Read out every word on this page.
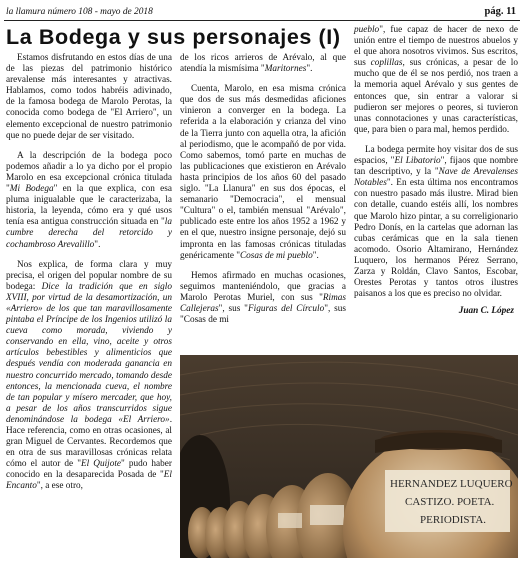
la llamura número 108 - mayo de 2018	pág. 11
La Bodega y sus personajes (I)

Estamos disfrutando en estos días de una de las piezas del patrimonio histórico arevalense más interesantes y atractivas. Hablamos, como todos habréis adivinado, de la famosa bodega de Marolo Perotas, la conocida como bodega de "El Arriero", un elemento excepcional de nuestro patrimonio que no puede dejar de ser visitado.

A la descripción de la bodega poco podemos añadir a lo ya dicho por el propio Marolo en esa excepcional crónica titulada "Mi Bodega" en la que explica, con esa pluma inigualable que le caracterizaba, la historia, la leyenda, cómo era y qué usos tenía esa antigua construcción situada en "la cumbre derecha del retorcido y cochambroso Arevalillo".

Nos explica, de forma clara y muy precisa, el origen del popular nombre de su bodega: Dice la tradición que en siglo XVIII, por virtud de la desamortización, un «Arriero» de los que tan maravillosamente pintaba el Príncipe de los Ingenios utilizó la cueva como morada, viviendo y conservando en ella, vino, aceite y otros artículos bebestibles y alimenticios que después vendía con moderada ganancia en nuestro concurrido mercado, tomando desde entonces, la mencionada cueva, el nombre de tan popular y mísero mercader, que hoy, a pesar de los años transcurridos sigue denominándose la bodega «El Arriero». Hace referencia, como en otras ocasiones, al gran Miguel de Cervantes. Recordemos que en otra de sus maravillosas crónicas relata cómo el autor de "El Quijote" pudo haber conocido en la desaparecida Posada de "El Encanto", a ese otro,

de los ricos arrieros de Arévalo, al que atendía la mismísima "Maritornes".

Cuenta, Marolo, en esa misma crónica que dos de sus más desmedidas aficiones vinieron a converger en la bodega. La referida a la elaboración y crianza del vino de la Tierra junto con aquella otra, la afición al periodismo, que le acompañó de por vida. Como sabemos, tomó parte en muchas de las publicaciones que existieron en Arévalo hasta principios de los años 60 del pasado siglo. "La Llanura" en sus dos épocas, el semanario "Democracia", el mensual "Cultura" o el, también mensual "Arévalo", publicado este entre los años 1952 a 1962 y en el que, nuestro insigne personaje, dejó su impronta en las famosas crónicas tituladas genéricamente "Cosas de mi pueblo".

Hemos afirmado en muchas ocasiones, seguimos manteniéndolo, que gracias a Marolo Perotas Muriel, con sus "Rimas Callejeras", sus "Figuras del Círculo", sus "Cosas de mi

pueblo", fue capaz de hacer de nexo de unión entre el tiempo de nuestros abuelos y el que ahora nosotros vivimos. Sus escritos, sus coplillas, sus crónicas, a pesar de lo mucho que de él se nos perdió, nos traen a la memoria aquel Arévalo y sus gentes de entonces que, sin entrar a valorar si pudieron ser mejores o peores, si tuvieron unas connotaciones y unas características, que, para bien o para mal, hemos perdido.

La bodega permite hoy visitar dos de sus espacios, "El Libatorio", fijaos que nombre tan descriptivo, y la "Nave de Arevalenses Notables". En esta última nos encontramos con nuestro pasado más ilustre. Mirad bien con detalle, cuando estéis allí, los nombres que Marolo hizo pintar, a su correligionario Pedro Donís, en la cartelas que adornan las cubas cerámicas que en la sala tienen acomodo. Osorio Altamirano, Hernández Luquero, los hermanos Pérez Serrano, Zarza y Roldán, Clavo Santos, Escobar, Orestes Perotas y tantos otros ilustres paisanos a los que es preciso no olvidar.

Juan C. López
HERNANDEZ LUQUERO
CASTIZO. POETA.
PERIODISTA.
